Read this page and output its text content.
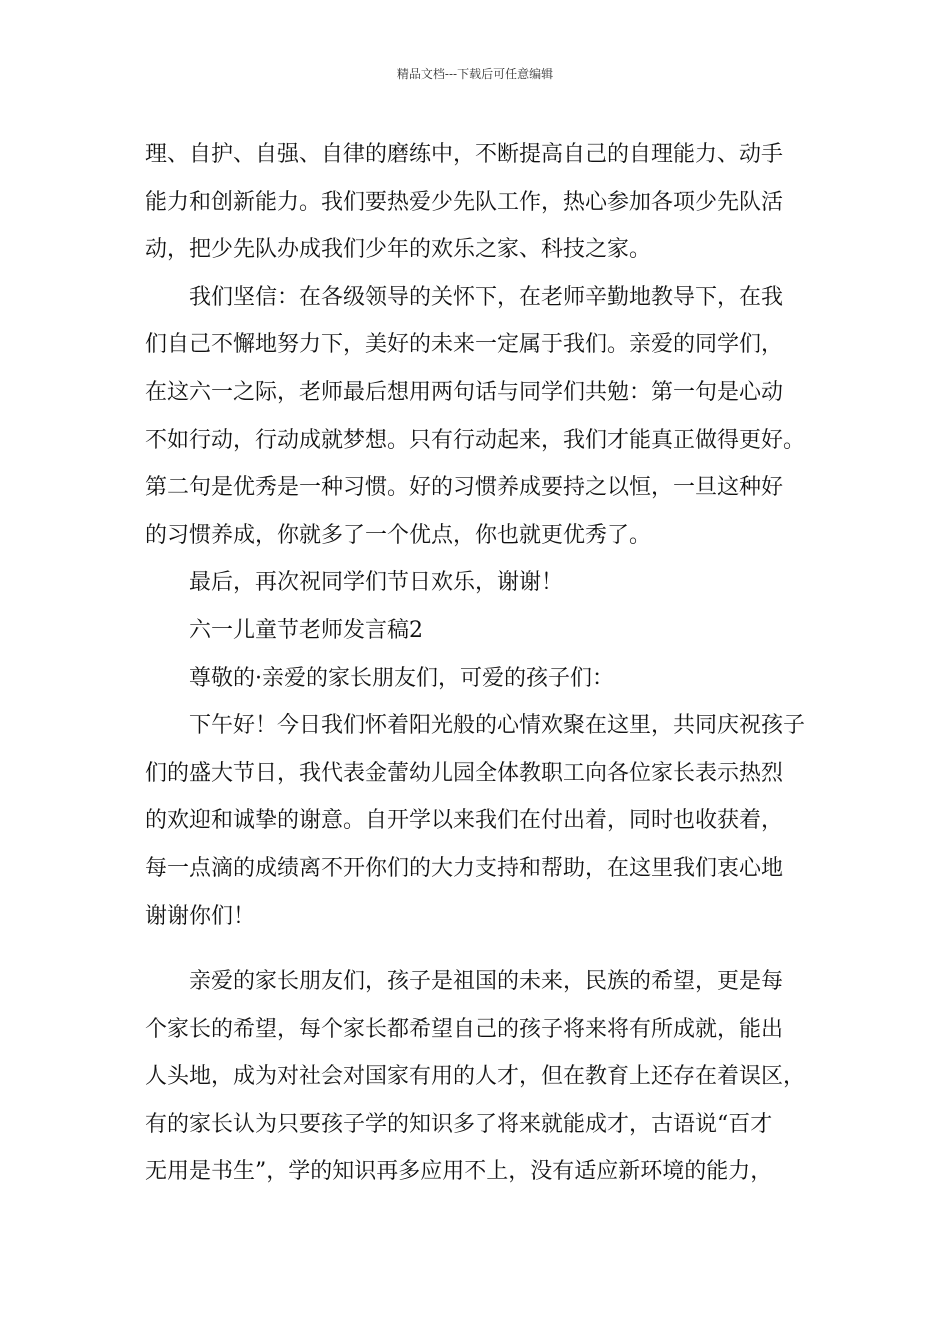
精品文档---下载后可任意编辑
理、自护、自强、自律的磨练中，不断提高自己的自理能力、动手
能力和创新能力。我们要热爱少先队工作，热心参加各项少先队活
动，把少先队办成我们少年的欢乐之家、科技之家。
我们坚信：在各级领导的关怀下，在老师辛勤地教导下，在我
们自己不懈地努力下，美好的未来一定属于我们。亲爱的同学们，
在这六一之际，老师最后想用两句话与同学们共勉：第一句是心动
不如行动，行动成就梦想。只有行动起来，我们才能真正做得更好。
第二句是优秀是一种习惯。好的习惯养成要持之以恒，一旦这种好
的习惯养成，你就多了一个优点，你也就更优秀了。
最后，再次祝同学们节日欢乐，谢谢！
六一儿童节老师发言稿2
尊敬的·亲爱的家长朋友们，可爱的孩子们：
下午好！今日我们怀着阳光般的心情欢聚在这里，共同庆祝孩子
们的盛大节日，我代表金蕾幼儿园全体教职工向各位家长表示热烈
的欢迎和诚挚的谢意。自开学以来我们在付出着，同时也收获着，
每一点滴的成绩离不开你们的大力支持和帮助，在这里我们衷心地
谢谢你们！
亲爱的家长朋友们，孩子是祖国的未来，民族的希望，更是每
个家长的希望，每个家长都希望自己的孩子将来将有所成就，能出
人头地，成为对社会对国家有用的人才，但在教育上还存在着误区，
有的家长认为只要孩子学的知识多了将来就能成才，古语说“百才
无用是书生”，学的知识再多应用不上，没有适应新环境的能力，
